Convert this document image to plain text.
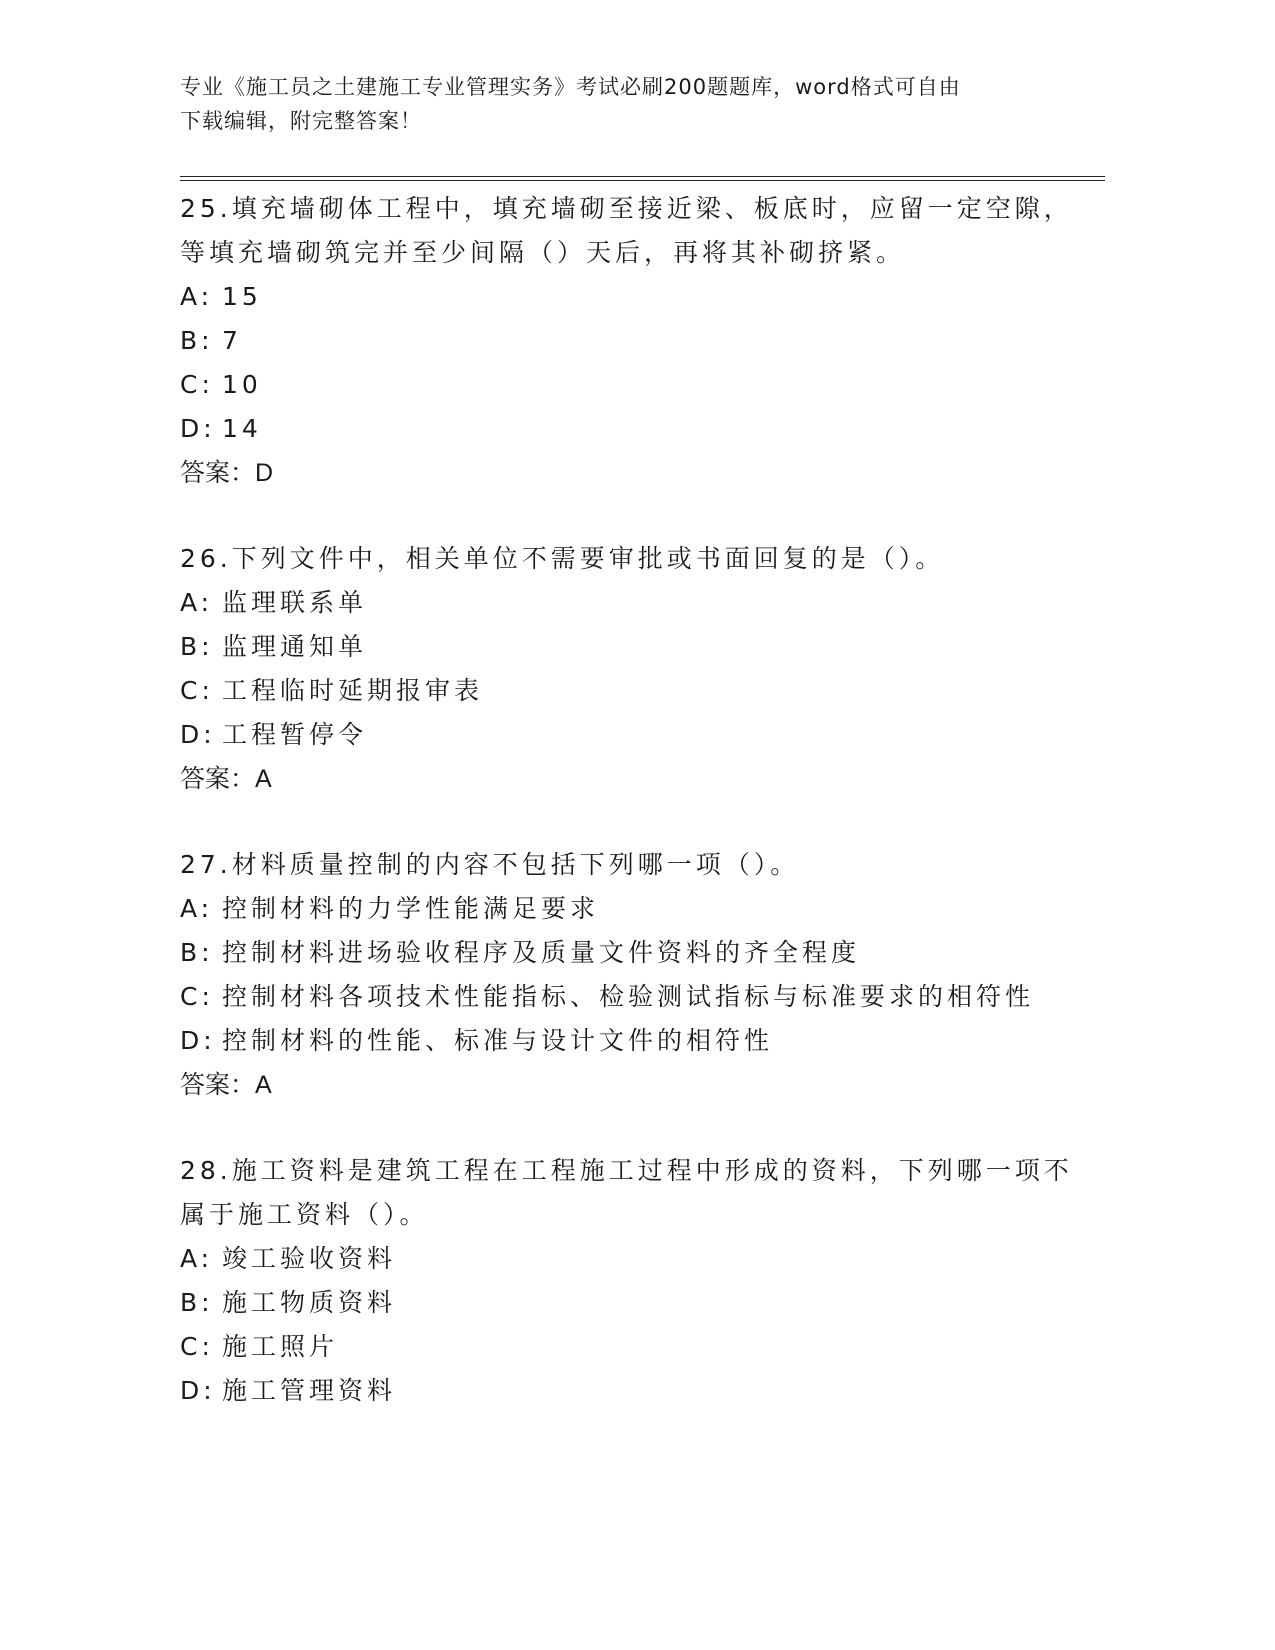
专业《施工员之土建施工专业管理实务》考试必刷200题题库，word格式可自由
下载编辑，附完整答案！

25.填充墙砌体工程中，填充墙砌至接近梁、板底时，应留一定空隙，
等填充墙砌筑完并至少间隔（）天后，再将其补砌挤紧。

A: 15

B: 7

C: 10

D: 14

答案：D

26.下列文件中，相关单位不需要审批或书面回复的是（）。

A: 监理联系单

B: 监理通知单

C: 工程临时延期报审表

D: 工程暂停令

答案：A

27.材料质量控制的内容不包括下列哪一项（）。

A: 控制材料的力学性能满足要求

B: 控制材料进场验收程序及质量文件资料的齐全程度

C: 控制材料各项技术性能指标、检验测试指标与标准要求的相符性

D: 控制材料的性能、标准与设计文件的相符性

答案：A

28.施工资料是建筑工程在工程施工过程中形成的资料，下列哪一项不
属于施工资料（）。

A: 竣工验收资料

B: 施工物质资料

C: 施工照片

D: 施工管理资料
